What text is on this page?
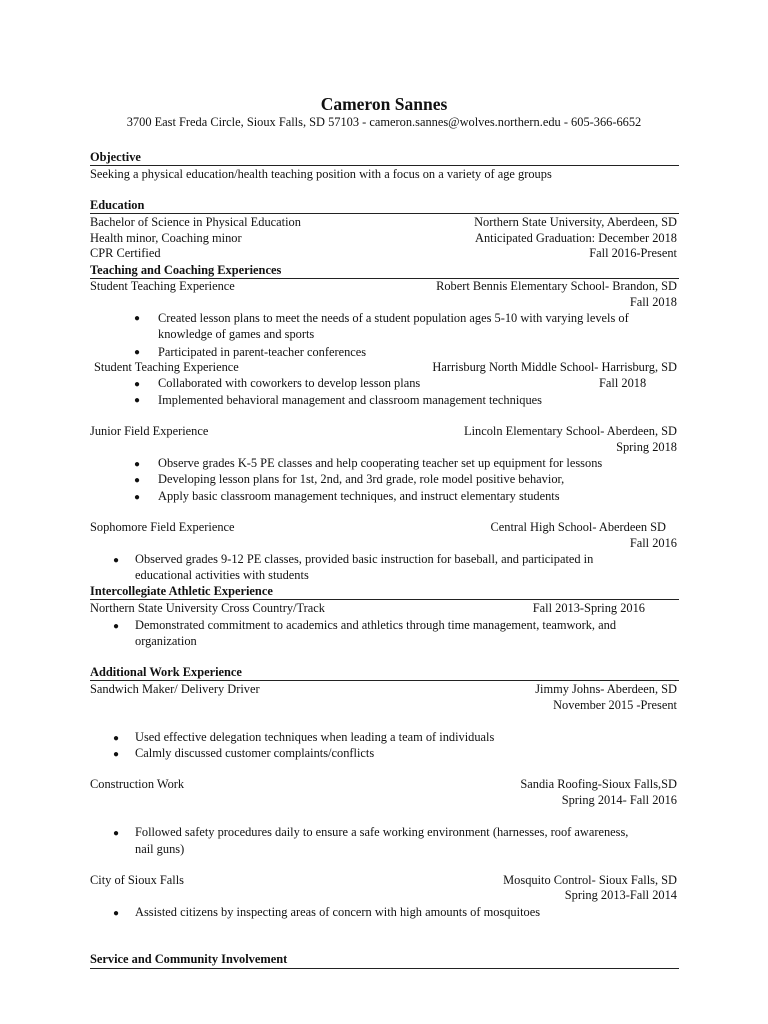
Cameron Sannes
3700 East Freda Circle, Sioux Falls, SD 57103 - cameron.sannes@wolves.northern.edu - 605-366-6652
Objective
Seeking a physical education/health teaching position with a focus on a variety of age groups
Education
Bachelor of Science in Physical Education	Northern State University, Aberdeen, SD
Health minor, Coaching minor	Anticipated Graduation: December 2018
CPR Certified	Fall 2016-Present
Teaching and Coaching Experiences
Student Teaching Experience	Robert Bennis Elementary School- Brandon, SD
Fall 2018
● Created lesson plans to meet the needs of a student population ages 5-10 with varying levels of
knowledge of games and sports
● Participated in parent-teacher conferences
Student Teaching Experience	Harrisburg North Middle School- Harrisburg, SD
● Collaborated with coworkers to develop lesson plans	Fall 2018
● Implemented behavioral management and classroom management techniques
Junior Field Experience	Lincoln Elementary School- Aberdeen, SD
Spring 2018
● Observe grades K-5 PE classes and help cooperating teacher set up equipment for lessons
● Developing lesson plans for 1st, 2nd, and 3rd grade, role model positive behavior,
● Apply basic classroom management techniques, and instruct elementary students
Sophomore Field Experience	Central High School- Aberdeen SD
Fall 2016
● Observed grades 9-12 PE classes, provided basic instruction for baseball, and participated in
educational activities with students
Intercollegiate Athletic Experience
Northern State University Cross Country/Track	Fall 2013-Spring 2016
● Demonstrated commitment to academics and athletics through time management, teamwork, and
organization
Additional Work Experience
Sandwich Maker/ Delivery Driver	Jimmy Johns- Aberdeen, SD
November 2015 -Present
● Used effective delegation techniques when leading a team of individuals
● Calmly discussed customer complaints/conflicts
Construction Work	Sandia Roofing-Sioux Falls,SD
Spring 2014- Fall 2016
● Followed safety procedures daily to ensure a safe working environment (harnesses, roof awareness,
nail guns)
City of Sioux Falls	Mosquito Control- Sioux Falls, SD
Spring 2013-Fall 2014
● Assisted citizens by inspecting areas of concern with high amounts of mosquitoes
Service and Community Involvement
